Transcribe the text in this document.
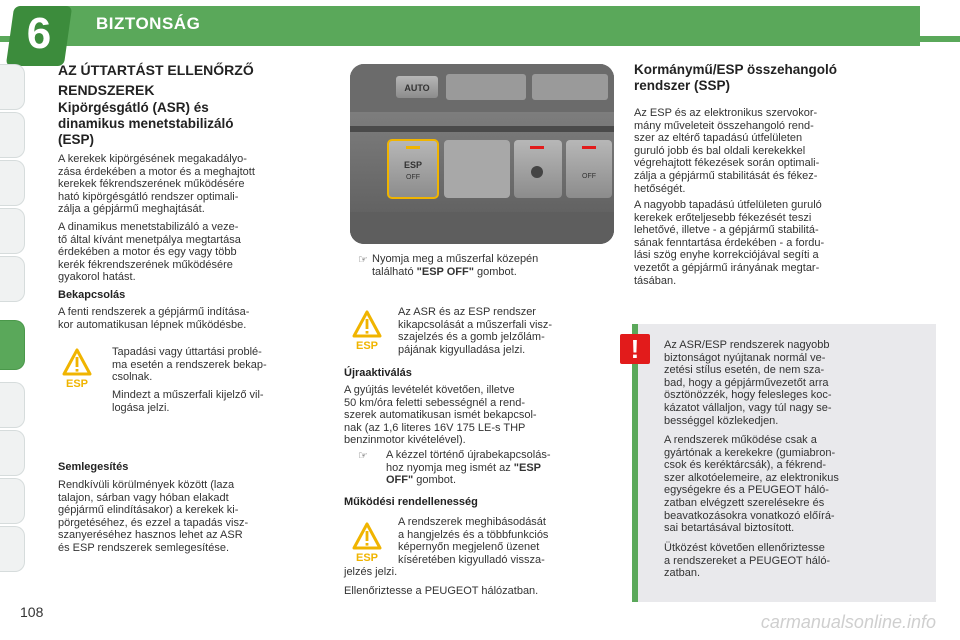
6	BIZTONSÁG
AZ ÚTTARTÁST ELLENŐRZŐ
RENDSZEREK
Kipörgésgátló (ASR) és
dinamikus menetstabilizáló
(ESP)
A kerekek kipörgésének megakadályo-
zása érdekében a motor és a meghajtott
kerekek fékrendszerének működésére
ható kipörgésgátló rendszer optimali-
zálja a gépjármű meghajtását.
A dinamikus menetstabilizáló a veze-
tő által kívánt menetpálya megtartása
érdekében a motor és egy vagy több
kerék fékrendszerének működésére
gyakorol hatást.
Bekapcsolás
A fenti rendszerek a gépjármű indítása-
kor automatikusan lépnek működésbe.
ESP
Tapadási vagy úttartási problé-
ma esetén a rendszerek bekap-
csolnak.
Mindezt a műszerfali kijelző vil-
logása jelzi.
Semlegesítés
Rendkívüli körülmények között (laza
talajon, sárban vagy hóban elakadt
gépjármű elindításakor) a kerekek ki-
pörgetéséhez, és ezzel a tapadás visz-
szanyeréséhez hasznos lehet az ASR
és ESP rendszerek semlegesítése.
AUTO
ESP
OFF	OFF
☞ Nyomja meg a műszerfal közepén
található "ESP OFF" gombot.
ESP
Az ASR és az ESP rendszer
kikapcsolását a műszerfali visz-
szajelzés és a gomb jelzőlám-
pájának kigyulladása jelzi.
Újraaktiválás
A gyújtás levételét követően, illetve
50 km/óra feletti sebességnél a rend-
szerek automatikusan ismét bekapcsol-
nak (az 1,6 literes 16V 175 LE-s THP
benzinmotor kivételével).
☞ A kézzel történő újrabekapcsolás-
hoz nyomja meg ismét az "ESP
OFF" gombot.
Működési rendellenesség
ESP
A rendszerek meghibásodását
a hangjelzés és a többfunkciós
képernyőn megjelenő üzenet
kíséretében kigyulladó vissza-
jelzés jelzi.
Ellenőriztesse a PEUGEOT hálózatban.
Kormánymű/ESP összehangoló
rendszer (SSP)
Az ESP és az elektronikus szervokor-
mány műveleteit összehangoló rend-
szer az eltérő tapadású útfelületen
guruló jobb és bal oldali kerekekkel
végrehajtott fékezések során optimali-
zálja a gépjármű stabilitását és fékez-
hetőségét.
A nagyobb tapadású útfelületen guruló
kerekek erőteljesebb fékezését teszi
lehetővé, illetve - a gépjármű stabilitá-
sának fenntartása érdekében - a fordu-
lási szög enyhe korrekciójával segíti a
vezetőt a gépjármű irányának megtar-
tásában.
!	Az ASR/ESP rendszerek nagyobb
biztonságot nyújtanak normál ve-
zetési stílus esetén, de nem sza-
bad, hogy a gépjárművezetőt arra
ösztönözzék, hogy felesleges koc-
kázatot vállaljon, vagy túl nagy se-
bességgel közlekedjen.
A rendszerek működése csak a
gyártónak a kerekekre (gumiabron-
csok és keréktárcsák), a fékrend-
szer alkotóelemeire, az elektronikus
egységekre és a PEUGEOT háló-
zatban elvégzett szerelésekre és
beavatkozásokra vonatkozó előírá-
sai betartásával biztosított.
Ütközést követően ellenőriztesse
a rendszereket a PEUGEOT háló-
zatban.
108	carmanualsonline.info
